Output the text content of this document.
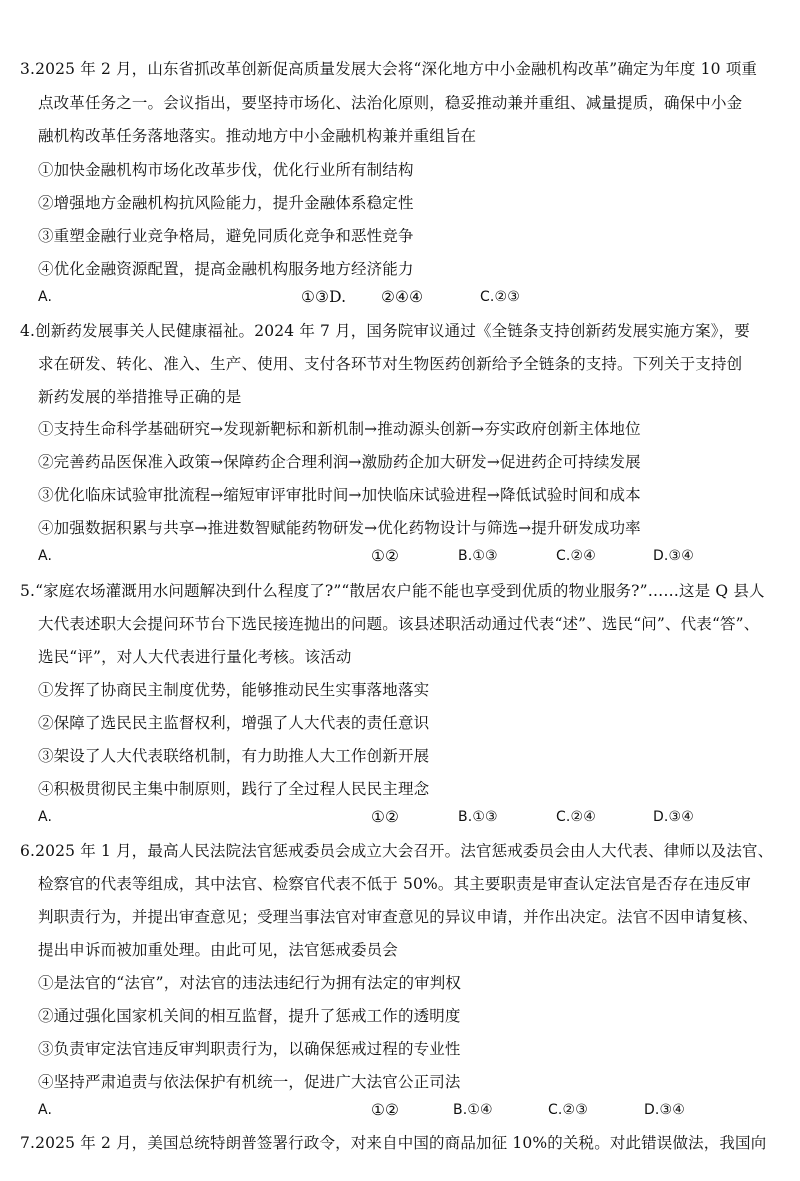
3.2025 年 2 月，山东省抓改革创新促高质量发展大会将“深化地方中小金融机构改革”确定为年度 10 项重
点改革任务之一。会议指出，要坚持市场化、法治化原则，稳妥推动兼并重组、减量提质，确保中小金
融机构改革任务落地落实。推动地方中小金融机构兼并重组旨在
①加快金融机构市场化改革步伐，优化行业所有制结构
②增强地方金融机构抗风险能力，提升金融体系稳定性
③重塑金融行业竞争格局，避免同质化竞争和恶性竞争
④优化金融资源配置，提高金融机构服务地方经济能力
A.	①③D. ②④④	C.②③
4.创新药发展事关人民健康福祉。2024 年 7 月，国务院审议通过《全链条支持创新药发展实施方案》，要
求在研发、转化、准入、生产、使用、支付各环节对生物医药创新给予全链条的支持。下列关于支持创
新药发展的举措推导正确的是
①支持生命科学基础研究→发现新靶标和新机制→推动源头创新→夯实政府创新主体地位
②完善药品医保准入政策→保障药企合理利润→激励药企加大研发→促进药企可持续发展
③优化临床试验审批流程→缩短审评审批时间→加快临床试验进程→降低试验时间和成本
④加强数据积累与共享→推进数智赋能药物研发→优化药物设计与筛选→提升研发成功率
A.	①②	B.①③	C.②④	D.③④
5.“家庭农场灌溉用水问题解决到什么程度了?”“散居农户能不能也享受到优质的物业服务?”……这是 Q 县人
大代表述职大会提问环节台下选民接连抛出的问题。该县述职活动通过代表“述”、选民“问”、代表“答”、
选民“评”，对人大代表进行量化考核。该活动
①发挥了协商民主制度优势，能够推动民生实事落地落实
②保障了选民民主监督权利，增强了人大代表的责任意识
③架设了人大代表联络机制，有力助推人大工作创新开展
④积极贯彻民主集中制原则，践行了全过程人民民主理念
A.	①②	B.①③	C.②④	D.③④
6.2025 年 1 月，最高人民法院法官惩戒委员会成立大会召开。法官惩戒委员会由人大代表、律师以及法官、
检察官的代表等组成，其中法官、检察官代表不低于 50%。其主要职责是审查认定法官是否存在违反审
判职责行为，并提出审查意见；受理当事法官对审查意见的异议申请，并作出决定。法官不因申请复核、
提出申诉而被加重处理。由此可见，法官惩戒委员会
①是法官的“法官”，对法官的违法违纪行为拥有法定的审判权
②通过强化国家机关间的相互监督，提升了惩戒工作的透明度
③负责审定法官违反审判职责行为，以确保惩戒过程的专业性
④坚持严肃追责与依法保护有机统一，促进广大法官公正司法
A.	①②	B.①④	C.②③	D.③④
7.2025 年 2 月，美国总统特朗普签署行政令，对来自中国的商品加征 10%的关税。对此错误做法，我国向
